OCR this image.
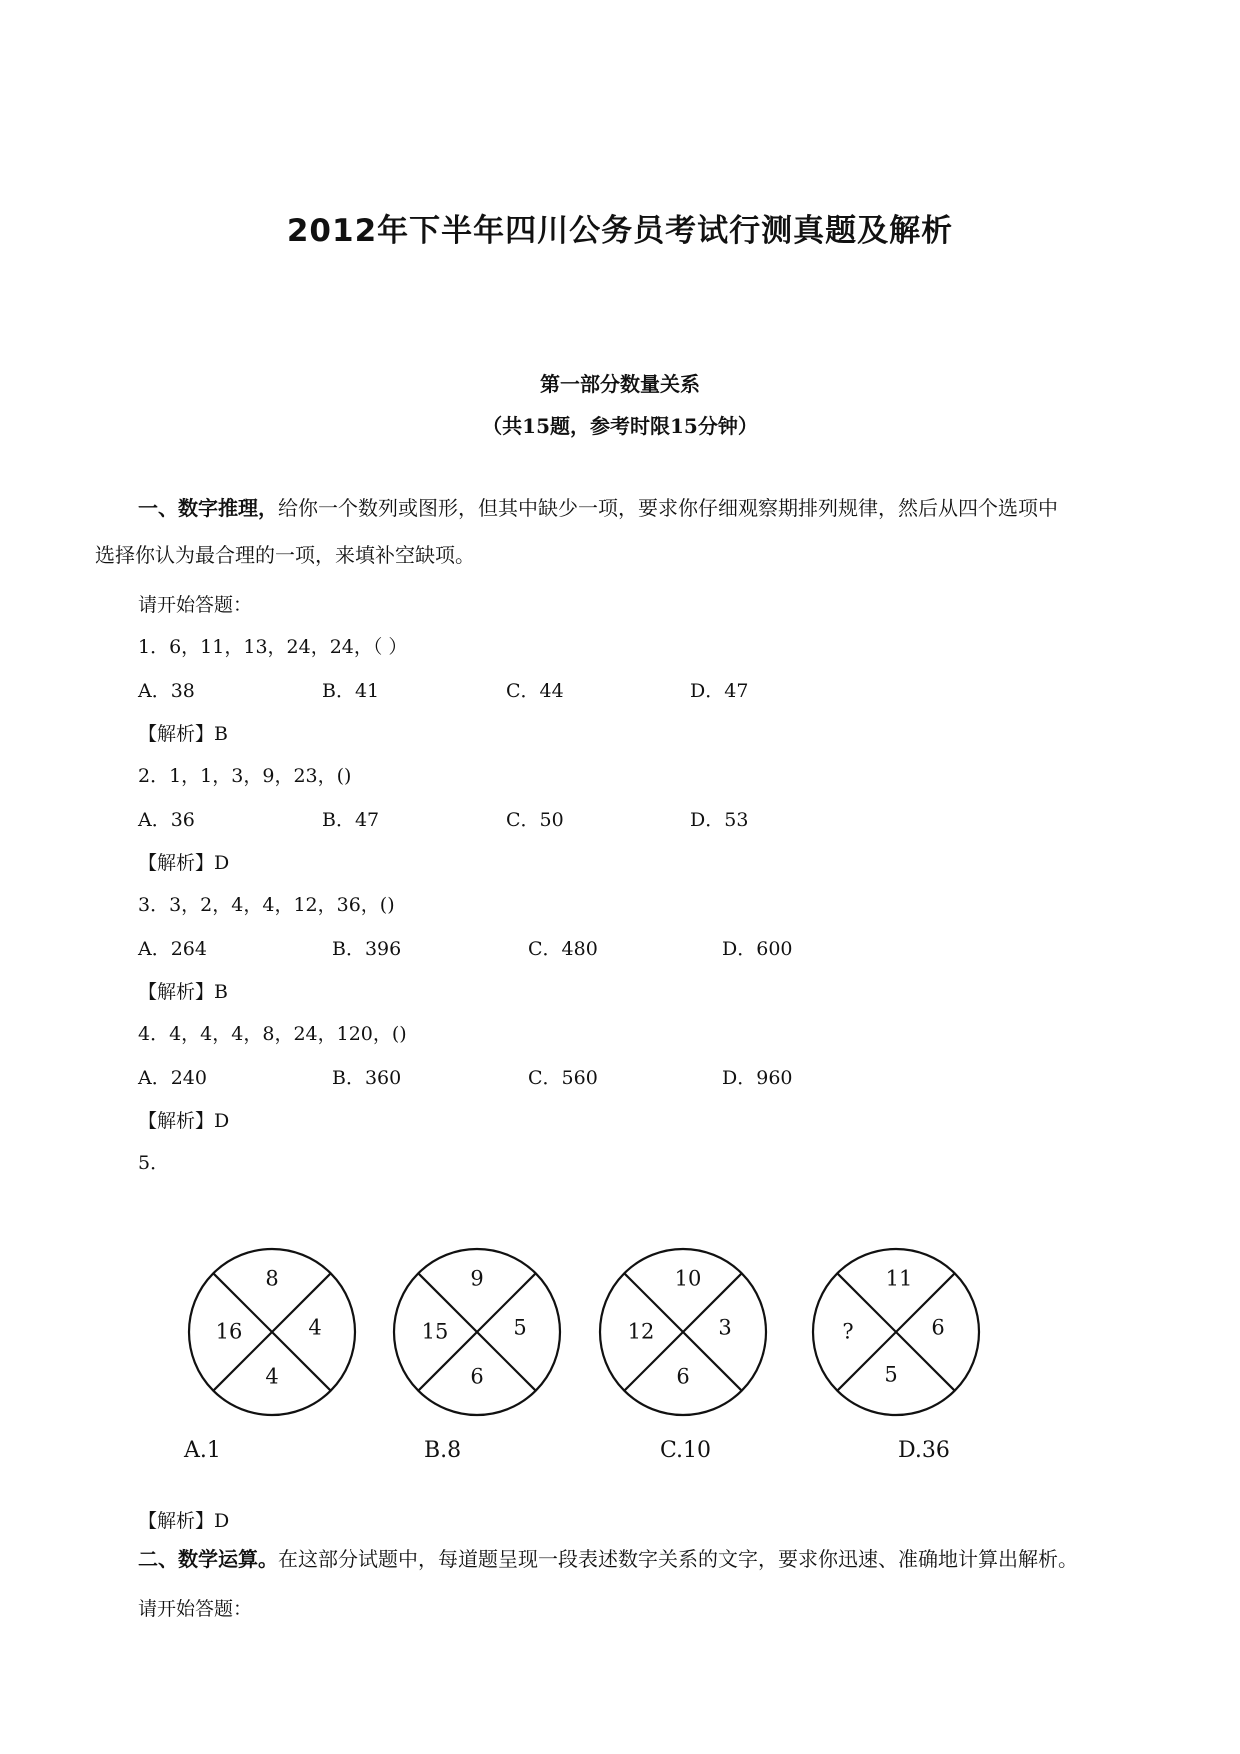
2012年下半年四川公务员考试行测真题及解析
第一部分数量关系
（共15题，参考时限15分钟）
一、数字推理，给你一个数列或图形，但其中缺少一项，要求你仔细观察期排列规律，然后从四个选项中
选择你认为最合理的一项，来填补空缺项。
请开始答题：
1．6，11，13，24，24，（ ）
A．38	B．41	C．44	D．47
【解析】B
2．1，1，3，9，23，()
A．36	B．47	C．50	D．53
【解析】D
3．3，2，4，4，12，36，()
A．264	B．396	C．480	D．600
【解析】B
4．4，4，4，8，24，120，()
A．240	B．360	C．560	D．960
【解析】D
5．
8
16	4
4
9
15	5
6
10
12	3
6
11
?	6
5
A.1	B.8	C.10	D.36
【解析】D
二、数学运算。在这部分试题中，每道题呈现一段表述数字关系的文字，要求你迅速、准确地计算出解析。
请开始答题：
